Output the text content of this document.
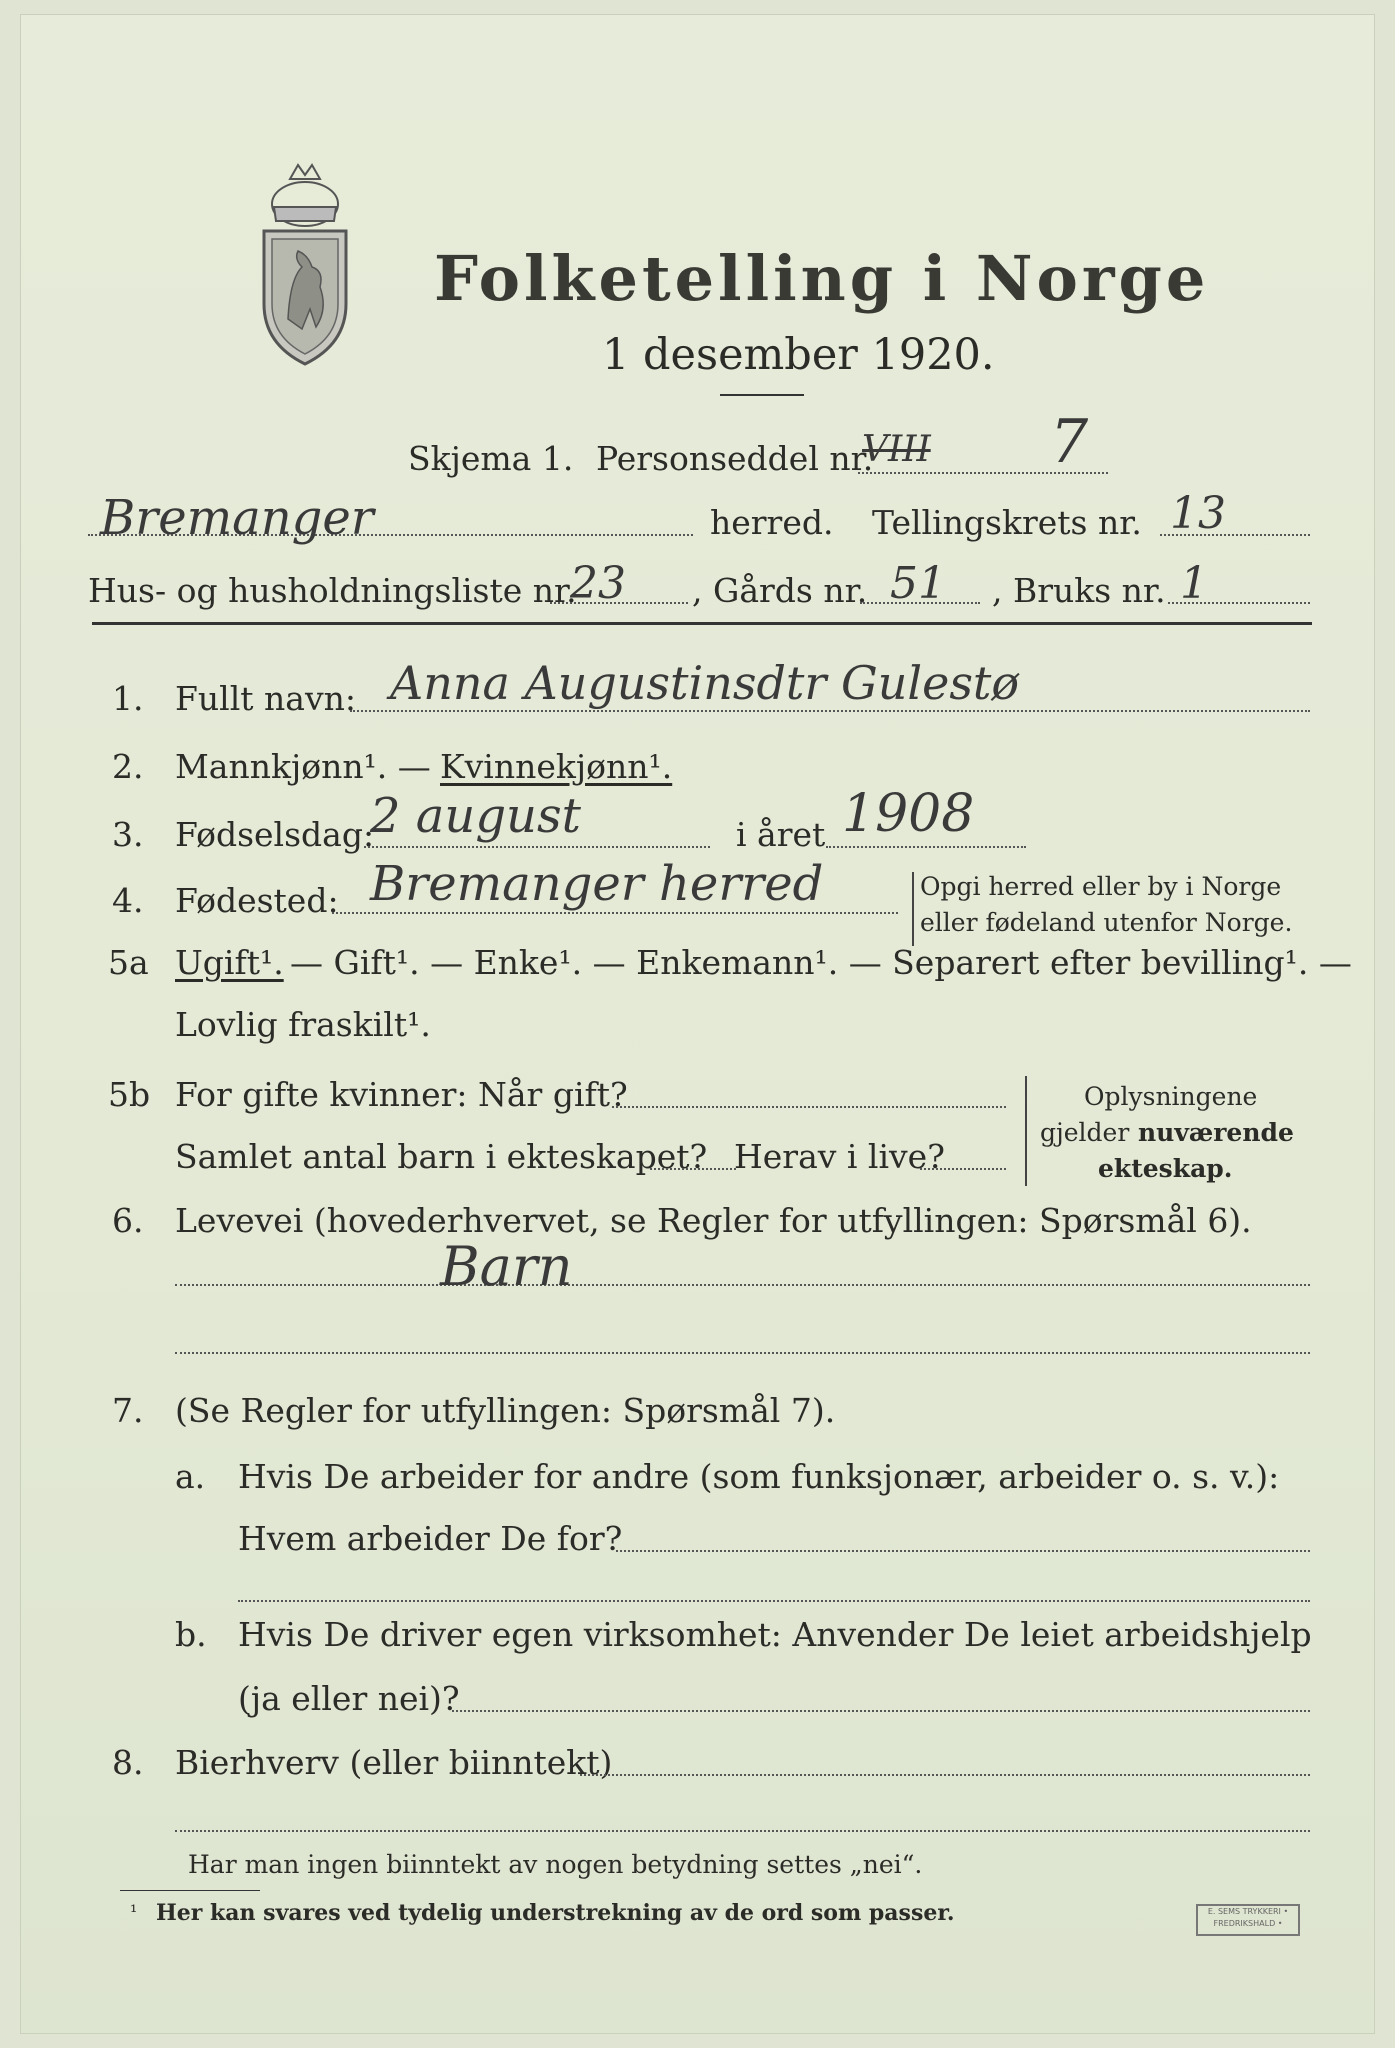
Folketelling i Norge
1 desember 1920.
Skjema 1. Personseddel nr.
VIII 7
Bremanger	herred. Tellingskrets nr. 13
Hus- og husholdningsliste nr.
23 , Gårds nr. 51 , Bruks nr. 1
1. Fullt navn: Anna Augustinsdtr Gulestø
2. Mannkjønn¹. — Kvinnekjønn¹.
3. Fødselsdag:
2 august	i året 1908
4. Fødested: Bremanger herred	Opgi herred eller by i Norge
eller fødeland utenfor Norge.
5a Ugift¹. — Gift¹. — Enke¹. — Enkemann¹. — Separert efter bevilling¹. —
Lovlig fraskilt¹.
5b For gifte kvinner: Når gift?
Samlet antal barn i ekteskapet? Herav i live?
Oplysningene
gjelder nuværende
ekteskap.
6. Levevei (hovederhvervet, se Regler for utfyllingen: Spørsmål 6).
Barn
7. (Se Regler for utfyllingen: Spørsmål 7).
a. Hvis De arbeider for andre (som funksjonær, arbeider o. s. v.):
Hvem arbeider De for?
b. Hvis De driver egen virksomhet: Anvender De leiet arbeidshjelp
(ja eller nei)?
8. Bierhverv (eller biinntekt)
Har man ingen biinntekt av nogen betydning settes „nei“.
¹ Her kan svares ved tydelig understrekning av de ord som passer.	E. SEMS TRYKKERI • FREDRIKSHALD •
